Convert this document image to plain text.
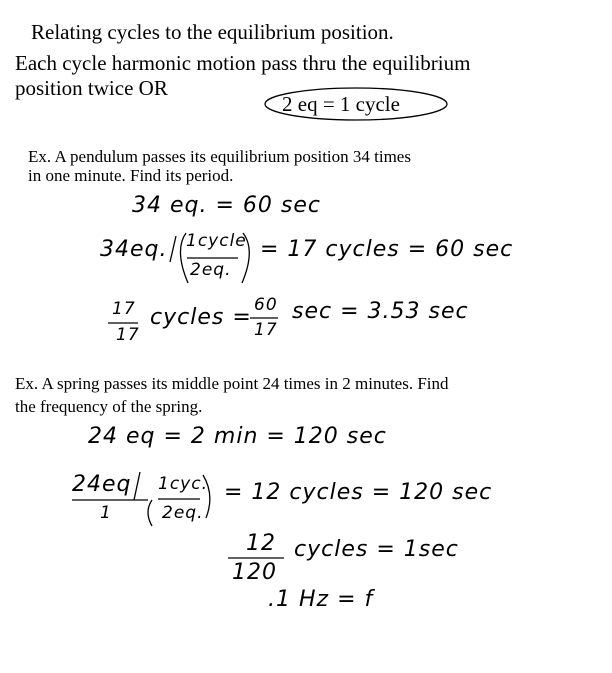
Relating cycles to the equilibrium position.
Each cycle harmonic motion pass thru the equilibrium
position twice OR
2 eq = 1 cycle
Ex. A pendulum passes its equilibrium position 34 times
in one minute. Find its period.
Ex. A spring passes its middle point 24 times in 2 minutes. Find
the frequency of the spring.
34 eq. = 60 sec
34eq. 1cycle
2eq.
= 17 cycles = 60 sec
17
17
cycles = 60
17
sec = 3.53 sec
24 eq = 2 min = 120 sec
24eq
1
1cyc.
2eq.
= 12 cycles = 120 sec
12
120
cycles = 1sec
.1 Hz = f
